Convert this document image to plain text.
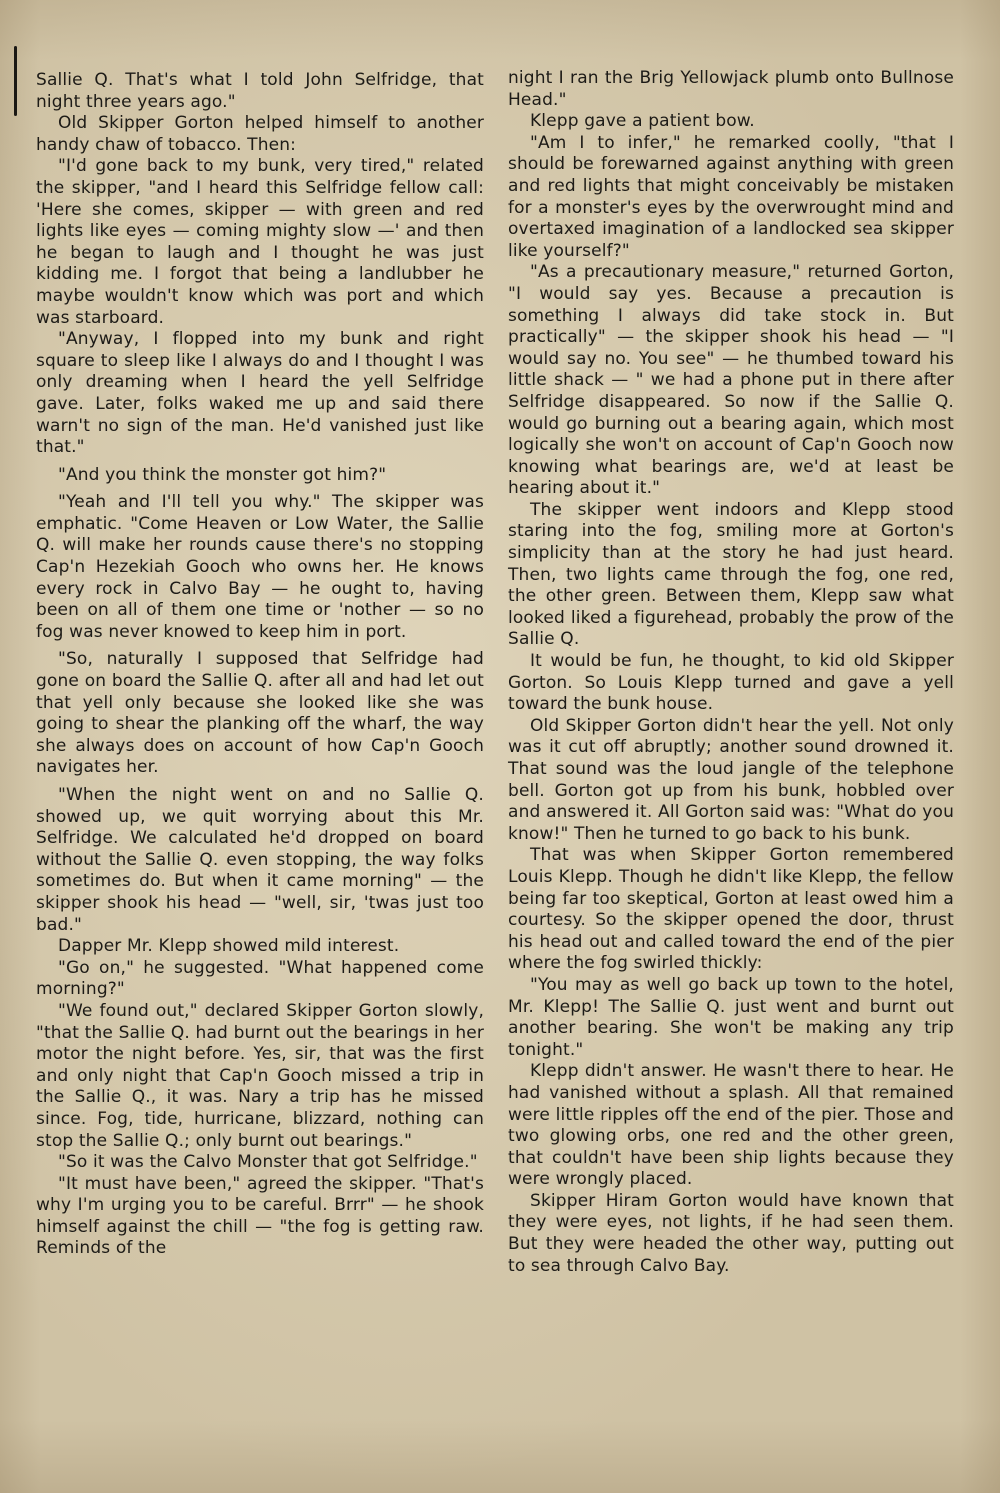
Sallie Q. That's what I told John Selfridge, that night three years ago."

Old Skipper Gorton helped himself to another handy chaw of tobacco. Then:

"I'd gone back to my bunk, very tired," related the skipper, "and I heard this Selfridge fellow call: 'Here she comes, skipper — with green and red lights like eyes — coming mighty slow —' and then he began to laugh and I thought he was just kidding me. I forgot that being a landlubber he maybe wouldn't know which was port and which was starboard.

"Anyway, I flopped into my bunk and right square to sleep like I always do and I thought I was only dreaming when I heard the yell Selfridge gave. Later, folks waked me up and said there warn't no sign of the man. He'd vanished just like that."

"And you think the monster got him?"

"Yeah and I'll tell you why." The skipper was emphatic. "Come Heaven or Low Water, the Sallie Q. will make her rounds cause there's no stopping Cap'n Hezekiah Gooch who owns her. He knows every rock in Calvo Bay — he ought to, having been on all of them one time or 'nother — so no fog was never knowed to keep him in port.

"So, naturally I supposed that Selfridge had gone on board the Sallie Q. after all and had let out that yell only because she looked like she was going to shear the planking off the wharf, the way she always does on account of how Cap'n Gooch navigates her.

"When the night went on and no Sallie Q. showed up, we quit worrying about this Mr. Selfridge. We calculated he'd dropped on board without the Sallie Q. even stopping, the way folks sometimes do. But when it came morning" — the skipper shook his head — "well, sir, 'twas just too bad."

Dapper Mr. Klepp showed mild interest.

"Go on," he suggested. "What happened come morning?"

"We found out," declared Skipper Gorton slowly, "that the Sallie Q. had burnt out the bearings in her motor the night before. Yes, sir, that was the first and only night that Cap'n Gooch missed a trip in the Sallie Q., it was. Nary a trip has he missed since. Fog, tide, hurricane, blizzard, nothing can stop the Sallie Q.; only burnt out bearings."

"So it was the Calvo Monster that got Selfridge."

"It must have been," agreed the skipper. "That's why I'm urging you to be careful. Brrr" — he shook himself against the chill — "the fog is getting raw. Reminds of the

night I ran the Brig Yellowjack plumb onto Bullnose Head."

Klepp gave a patient bow.

"Am I to infer," he remarked coolly, "that I should be forewarned against anything with green and red lights that might conceivably be mistaken for a monster's eyes by the overwrought mind and overtaxed imagination of a landlocked sea skipper like yourself?"

"As a precautionary measure," returned Gorton, "I would say yes. Because a precaution is something I always did take stock in. But practically" — the skipper shook his head — "I would say no. You see" — he thumbed toward his little shack — " we had a phone put in there after Selfridge disappeared. So now if the Sallie Q. would go burning out a bearing again, which most logically she won't on account of Cap'n Gooch now knowing what bearings are, we'd at least be hearing about it."

The skipper went indoors and Klepp stood staring into the fog, smiling more at Gorton's simplicity than at the story he had just heard. Then, two lights came through the fog, one red, the other green. Between them, Klepp saw what looked liked a figurehead, probably the prow of the Sallie Q.

It would be fun, he thought, to kid old Skipper Gorton. So Louis Klepp turned and gave a yell toward the bunk house.

Old Skipper Gorton didn't hear the yell. Not only was it cut off abruptly; another sound drowned it. That sound was the loud jangle of the telephone bell. Gorton got up from his bunk, hobbled over and answered it. All Gorton said was: "What do you know!" Then he turned to go back to his bunk.

That was when Skipper Gorton remembered Louis Klepp. Though he didn't like Klepp, the fellow being far too skeptical, Gorton at least owed him a courtesy. So the skipper opened the door, thrust his head out and called toward the end of the pier where the fog swirled thickly:

"You may as well go back up town to the hotel, Mr. Klepp! The Sallie Q. just went and burnt out another bearing. She won't be making any trip tonight."

Klepp didn't answer. He wasn't there to hear. He had vanished without a splash. All that remained were little ripples off the end of the pier. Those and two glowing orbs, one red and the other green, that couldn't have been ship lights because they were wrongly placed.

Skipper Hiram Gorton would have known that they were eyes, not lights, if he had seen them. But they were headed the other way, putting out to sea through Calvo Bay.
